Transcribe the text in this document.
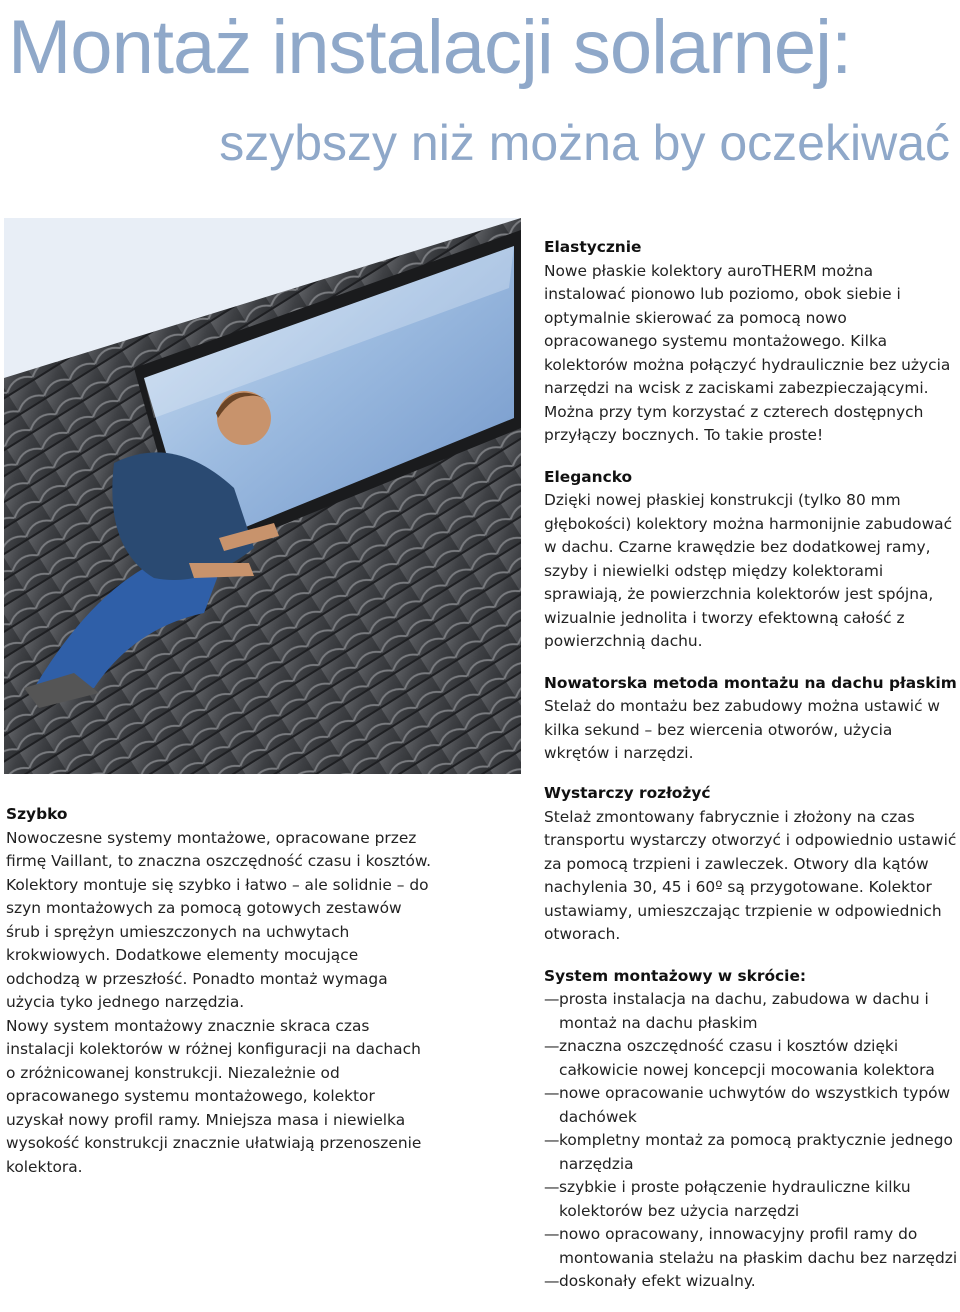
Montaż instalacji solarnej:
szybszy niż można by oczekiwać
Elastycznie

Nowe płaskie kolektory auroTHERM można instalować pionowo lub poziomo, obok siebie i optymalnie skierować za pomocą nowo opracowanego systemu montażowego. Kilka kolektorów można połączyć hydraulicznie bez użycia narzędzi na wcisk z zaciskami zabezpieczającymi. Można przy tym korzystać z czterech dostępnych przyłączy bocznych. To takie proste!

Elegancko

Dzięki nowej płaskiej konstrukcji (tylko 80 mm głębokości) kolektory można harmonijnie zabudować w dachu. Czarne krawędzie bez dodatkowej ramy, szyby i niewielki odstęp między kolektorami sprawiają, że powierzchnia kolektorów jest spójna, wizualnie jednolita i tworzy efektowną całość z powierzchnią dachu.

Nowatorska metoda montażu na dachu płaskim

Stelaż do montażu bez zabudowy można ustawić w kilka sekund – bez wiercenia otworów, użycia wkrętów i narzędzi.

Szybko

Nowoczesne systemy montażowe, opracowane przez firmę Vaillant, to znaczna oszczędność czasu i kosztów. Kolektory montuje się szybko i łatwo – ale solidnie – do szyn montażowych za pomocą gotowych zestawów śrub i sprężyn umieszczonych na uchwytach krokwiowych. Dodatkowe elementy mocujące odchodzą w przeszłość. Ponadto montaż wymaga użycia tyko jednego narzędzia.

Nowy system montażowy znacznie skraca czas instalacji kolektorów w różnej konfiguracji na dachach o zróżnicowanej konstrukcji. Niezależnie od opracowanego systemu montażowego, kolektor uzyskał nowy profil ramy. Mniejsza masa i niewielka wysokość konstrukcji znacznie ułatwiają przenoszenie kolektora.

Wystarczy rozłożyć

Stelaż zmontowany fabrycznie i złożony na czas transportu wystarczy otworzyć i odpowiednio ustawić za pomocą trzpieni i zawleczek. Otwory dla kątów nachylenia 30, 45 i 60º są przygotowane. Kolektor ustawiamy, umieszczając trzpienie w odpowiednich otworach.

System montażowy w skrócie:
— prosta instalacja na dachu, zabudowa w dachu i montaż na dachu płaskim
— znaczna oszczędność czasu i kosztów dzięki całkowicie nowej koncepcji mocowania kolektora
— nowe opracowanie uchwytów do wszystkich typów dachówek
— kompletny montaż za pomocą praktycznie jednego narzędzia
— szybkie i proste połączenie hydrauliczne kilku kolektorów bez użycia narzędzi
— nowo opracowany, innowacyjny profil ramy do montowania stelażu na płaskim dachu bez narzędzi
— doskonały efekt wizualny.
